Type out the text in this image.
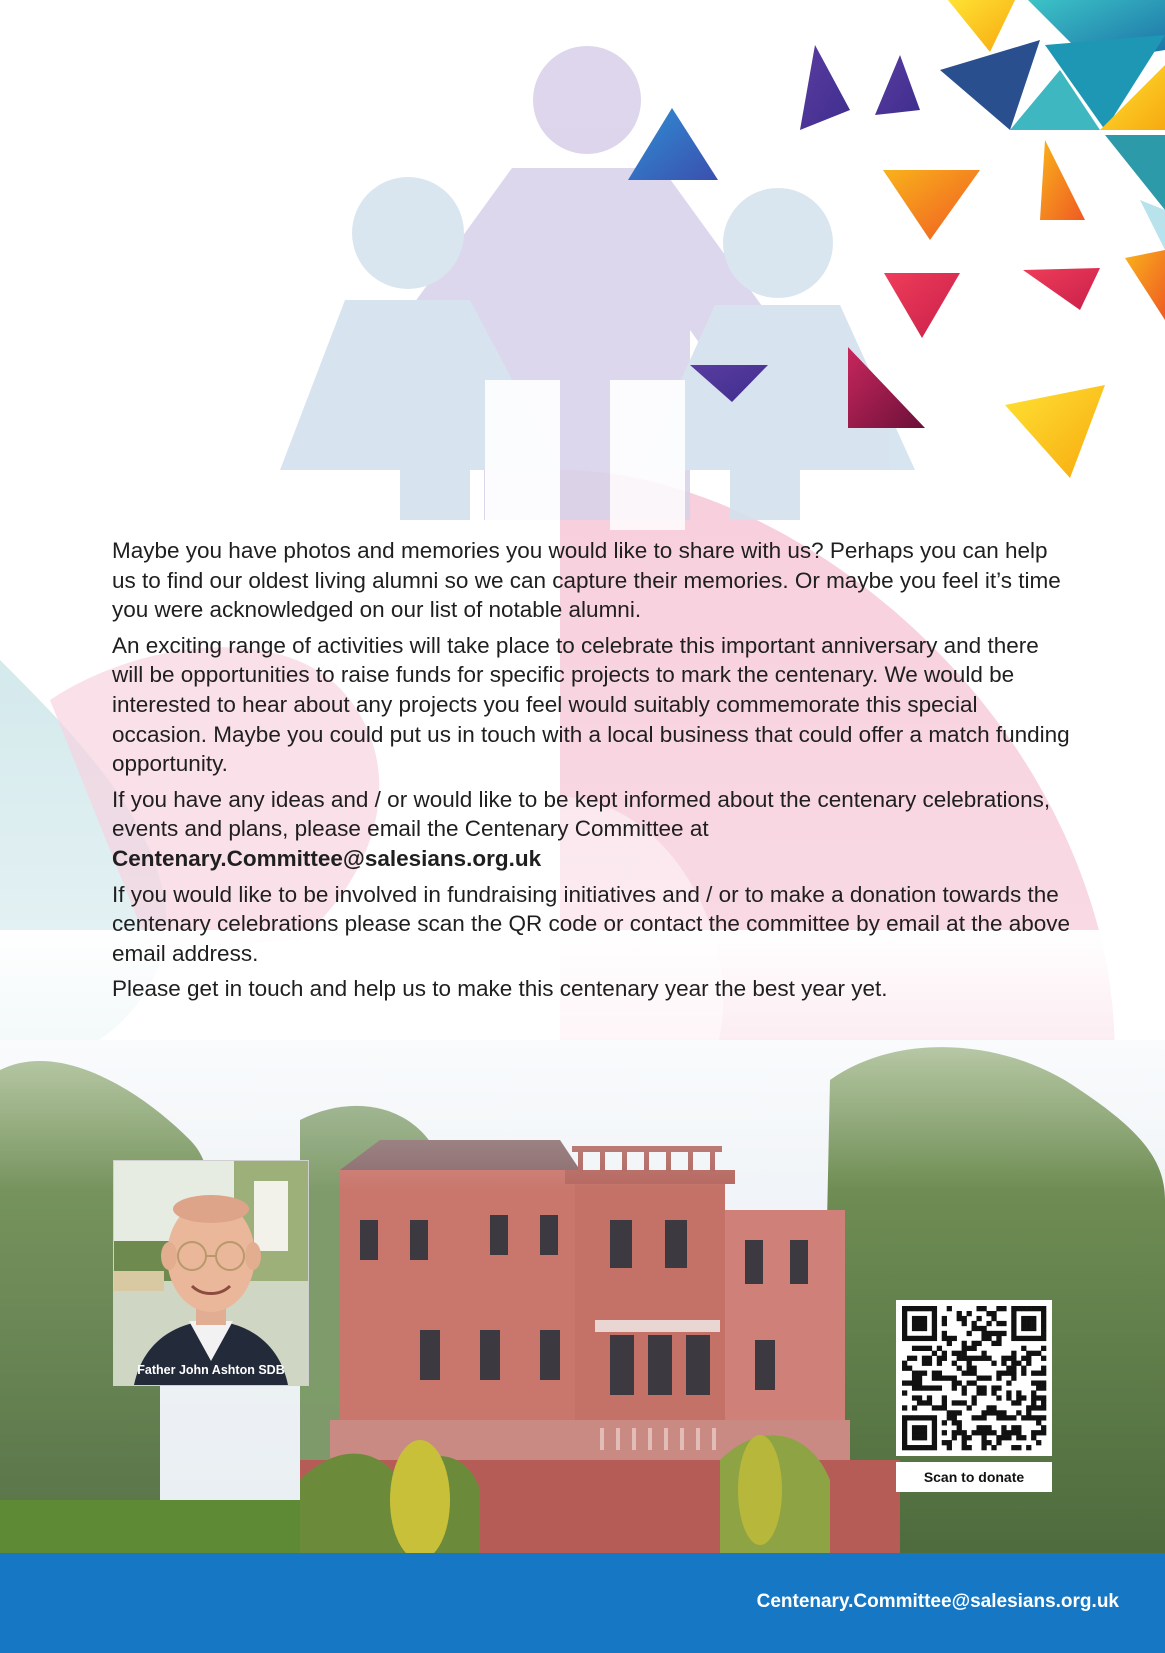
Maybe you have photos and memories you would like to share with us? Perhaps you can help us to find our oldest living alumni so we can capture their memories. Or maybe you feel it’s time you were acknowledged on our list of notable alumni.

An exciting range of activities will take place to celebrate this important anniversary and there will be opportunities to raise funds for specific projects to mark the centenary. We would be interested to hear about any projects you feel would suitably commemorate this special occasion. Maybe you could put us in touch with a local business that could offer a match funding opportunity.

If you have any ideas and / or would like to be kept informed about the centenary celebrations, events and plans, please email the Centenary Committee at Centenary.Committee@salesians.org.uk

If you would like to be involved in fundraising initiatives and / or to make a donation towards the centenary celebrations please scan the QR code or contact the committee by email at the above email address.

Please get in touch and help us to make this centenary year the best year yet.

Father John Ashton SDB
Scan to donate
Centenary.Committee@salesians.org.uk
